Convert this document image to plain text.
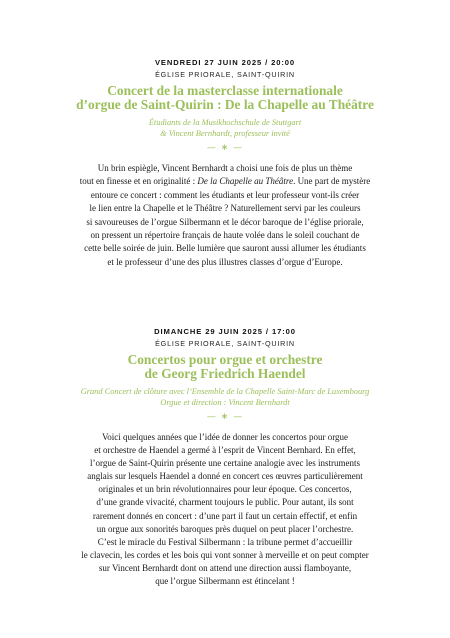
VENDREDI 27 JUIN 2025 / 20:00
ÉGLISE PRIORALE, SAINT-QUIRIN
Concert de la masterclasse internationale
d’orgue de Saint-Quirin : De la Chapelle au Théâtre
Étudiants de la Musikhochschule de Stuttgart
& Vincent Bernhardt, professeur invité
— ∗ —
Un brin espiègle, Vincent Bernhardt a choisi une fois de plus un thème
tout en finesse et en originalité : De la Chapelle au Théâtre. Une part de mystère
entoure ce concert : comment les étudiants et leur professeur vont-ils créer
le lien entre la Chapelle et le Théâtre ? Naturellement servi par les couleurs
si savoureuses de l’orgue Silbermann et le décor baroque de l’église priorale,
on pressent un répertoire français de haute volée dans le soleil couchant de
cette belle soirée de juin. Belle lumière que sauront aussi allumer les étudiants
et le professeur d’une des plus illustres classes d’orgue d’Europe.
DIMANCHE 29 JUIN 2025 / 17:00
ÉGLISE PRIORALE, SAINT-QUIRIN
Concertos pour orgue et orchestre
de Georg Friedrich Haendel
Grand Concert de clôture avec l’Ensemble de la Chapelle Saint-Marc de Luxembourg
Orgue et direction : Vincent Bernhardt
— ∗ —
Voici quelques années que l’idée de donner les concertos pour orgue
et orchestre de Haendel a germé à l’esprit de Vincent Bernhard. En effet,
l’orgue de Saint-Quirin présente une certaine analogie avec les instruments
anglais sur lesquels Haendel a donné en concert ces œuvres particulièrement
originales et un brin révolutionnaires pour leur époque. Ces concertos,
d’une grande vivacité, charment toujours le public. Pour autant, ils sont
rarement donnés en concert : d’une part il faut un certain effectif, et enfin
un orgue aux sonorités baroques près duquel on peut placer l’orchestre.
C’est le miracle du Festival Silbermann : la tribune permet d’accueillir
le clavecin, les cordes et les bois qui vont sonner à merveille et on peut compter
sur Vincent Bernhardt dont on attend une direction aussi flamboyante,
que l’orgue Silbermann est étincelant !
